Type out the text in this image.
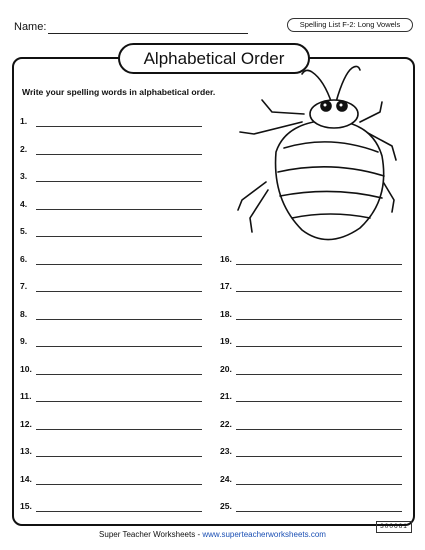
Name:	Spelling List F-2: Long Vowels
Alphabetical Order
Write your spelling words in alphabetical order.
1.
2.
3.
4.
5.
6.
7.
8.
9.
10.
11.
12.
13.
14.
15.
16.
17.
18.
19.
20.
21.
22.
23.
24.
25.
Super Teacher Worksheets - www.superteacherworksheets.com
300661
